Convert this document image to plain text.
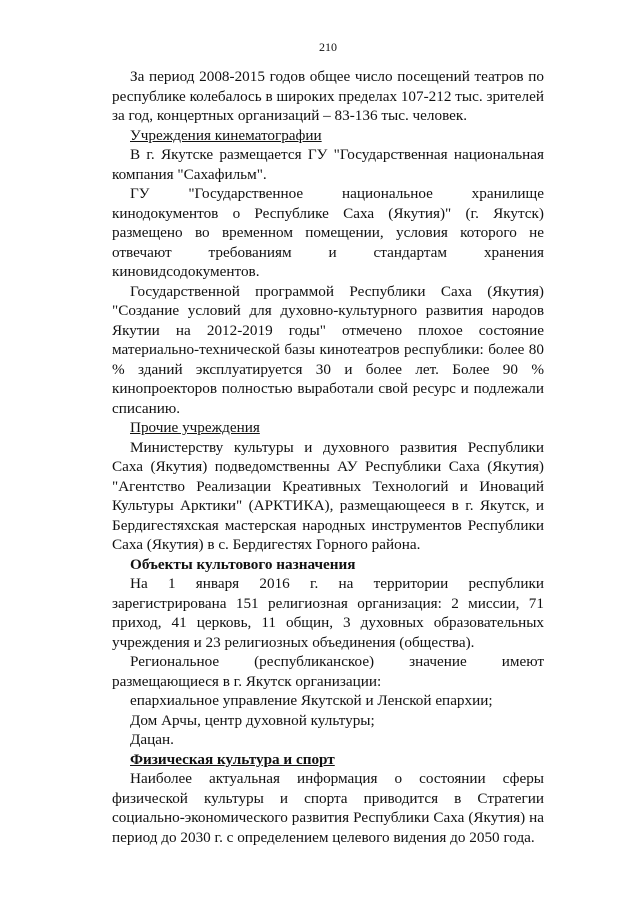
210

За период 2008-2015 годов общее число посещений театров по республике колебалось в широких пределах 107-212 тыс. зрителей за год, концертных организаций – 83-136 тыс. человек.

Учреждения кинематографии

В г. Якутске размещается ГУ "Государственная национальная компания "Сахафильм".

ГУ "Государственное национальное хранилище кинодокументов о Республике Саха (Якутия)" (г. Якутск) размещено во временном помещении, условия которого не отвечают требованиям и стандартам хранения киновидсодокументов.

Государственной программой Республики Саха (Якутия) "Создание условий для духовно-культурного развития народов Якутии на 2012-2019 годы" отмечено плохое состояние материально-технической базы кинотеатров республики: более 80 % зданий эксплуатируется 30 и более лет. Более 90 % кинопроекторов полностью выработали свой ресурс и подлежали списанию.

Прочие учреждения

Министерству культуры и духовного развития Республики Саха (Якутия) подведомственны АУ Республики Саха (Якутия) "Агентство Реализации Креативных Технологий и Иноваций Культуры Арктики" (АРКТИКА), размещающееся в г. Якутск, и Бердигестяхская мастерская народных инструментов Республики Саха (Якутия) в с. Бердигестях Горного района.

Объекты культового назначения

На 1 января 2016 г. на территории республики зарегистрирована 151 религиозная организация: 2 миссии, 71 приход, 41 церковь, 11 общин, 3 духовных образовательных учреждения и 23 религиозных объединения (общества).

Региональное (республиканское) значение имеют размещающиеся в г. Якутск организации:

епархиальное управление Якутской и Ленской епархии;

Дом Арчы, центр духовной культуры;

Дацан.

Физическая культура и спорт

Наиболее актуальная информация о состоянии сферы физической культуры и спорта приводится в Стратегии социально-экономического развития Республики Саха (Якутия) на период до 2030 г. с определением целевого видения до 2050 года.
